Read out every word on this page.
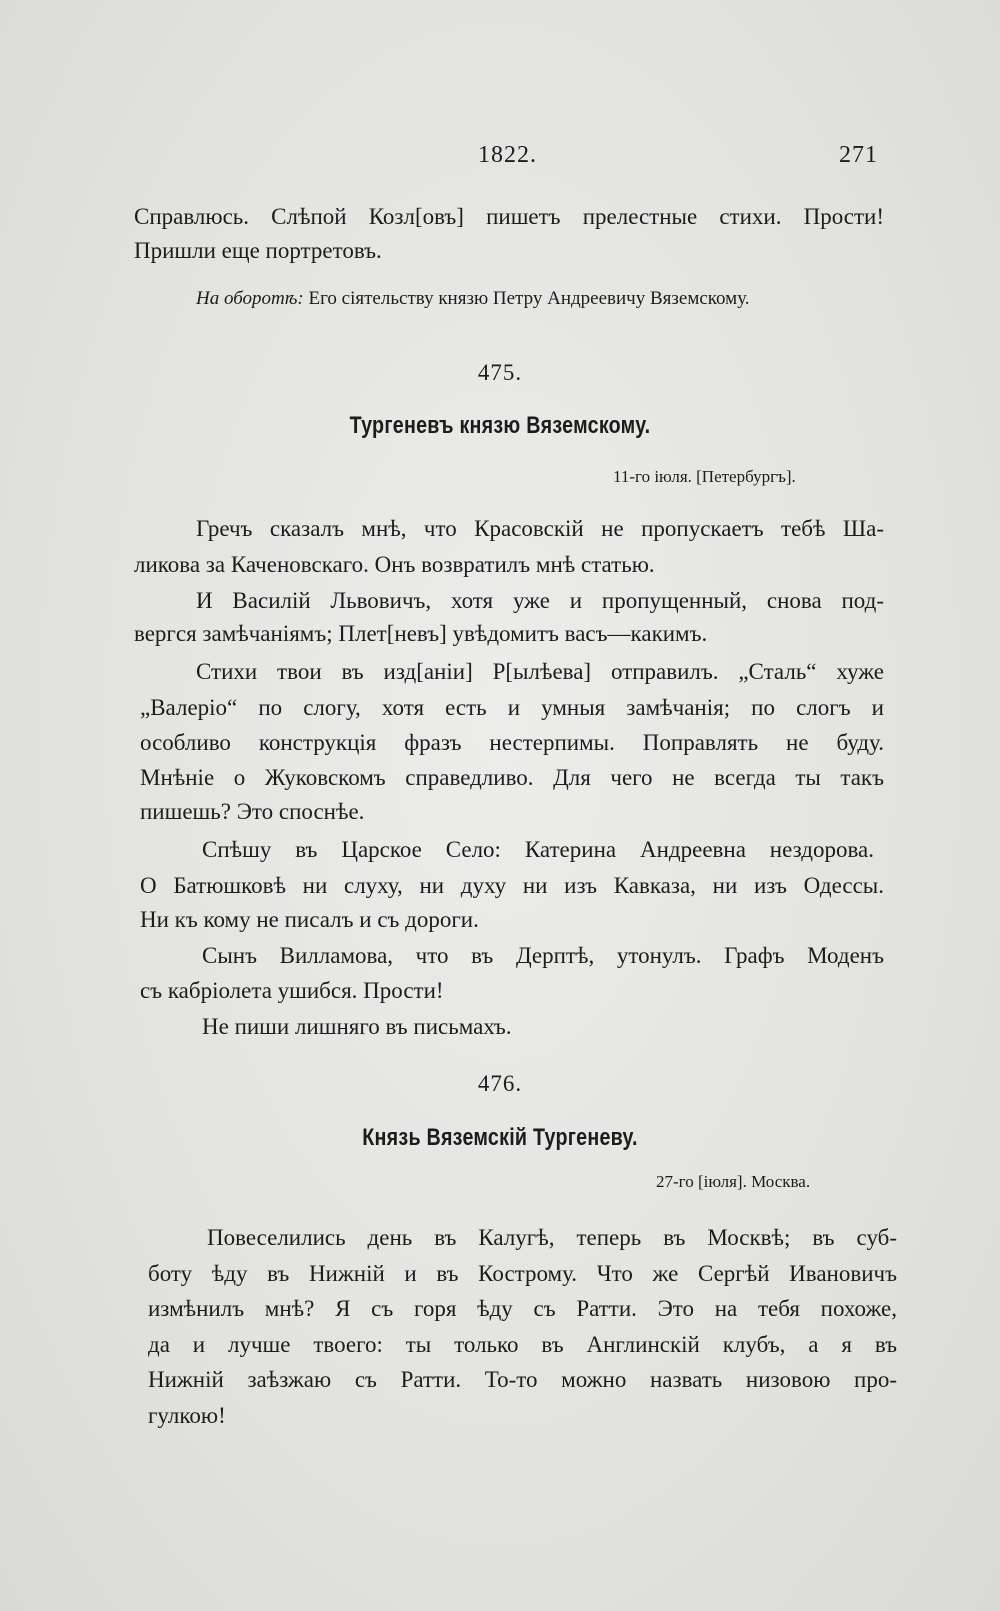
1822.	271
Справлюсь. Слѣпой Козл[овъ] пишетъ прелестные стихи. Прости!
Пришли еще портретовъ.
На оборотѣ: Его сіятельству князю Петру Андреевичу Вяземскому.
475.
Тургеневъ князю Вяземскому.
11-го іюля. [Петербургъ].
Гречъ сказалъ мнѣ, что Красовскій не пропускаетъ тебѣ Ша-
ликова за Каченовскаго. Онъ возвратилъ мнѣ статью.
И Василій Львовичъ, хотя уже и пропущенный, снова под-
вергся замѣчаніямъ; Плет[невъ] увѣдомитъ васъ—какимъ.
Стихи твои въ изд[аніи] Р[ылѣева] отправилъ. „Сталь“ хуже
„Валеріо“ по слогу, хотя есть и умныя замѣчанія; по слогъ и
особливо конструкція фразъ нестерпимы. Поправлять не буду.
Мнѣніе о Жуковскомъ справедливо. Для чего не всегда ты такъ
пишешь? Это споснѣе.
Спѣшу въ Царское Село: Катерина Андреевна нездорова.
О Батюшковѣ ни слуху, ни духу ни изъ Кавказа, ни изъ Одессы.
Ни къ кому не писалъ и съ дороги.
Сынъ Вилламова, что въ Дерптѣ, утонулъ. Графъ Моденъ
съ кабріолета ушибся. Прости!
Не пиши лишняго въ письмахъ.
476.
Князь Вяземскій Тургеневу.
27-го [іюля]. Москва.
Повеселились день въ Калугѣ, теперь въ Москвѣ; въ суб-
боту ѣду въ Нижній и въ Кострому. Что же Сергѣй Ивановичъ
измѣнилъ мнѣ? Я съ горя ѣду съ Ратти. Это на тебя похоже,
да и лучше твоего: ты только въ Англинскій клубъ, а я въ
Нижній заѣзжаю съ Ратти. То-то можно назвать низовою про-
гулкою!
